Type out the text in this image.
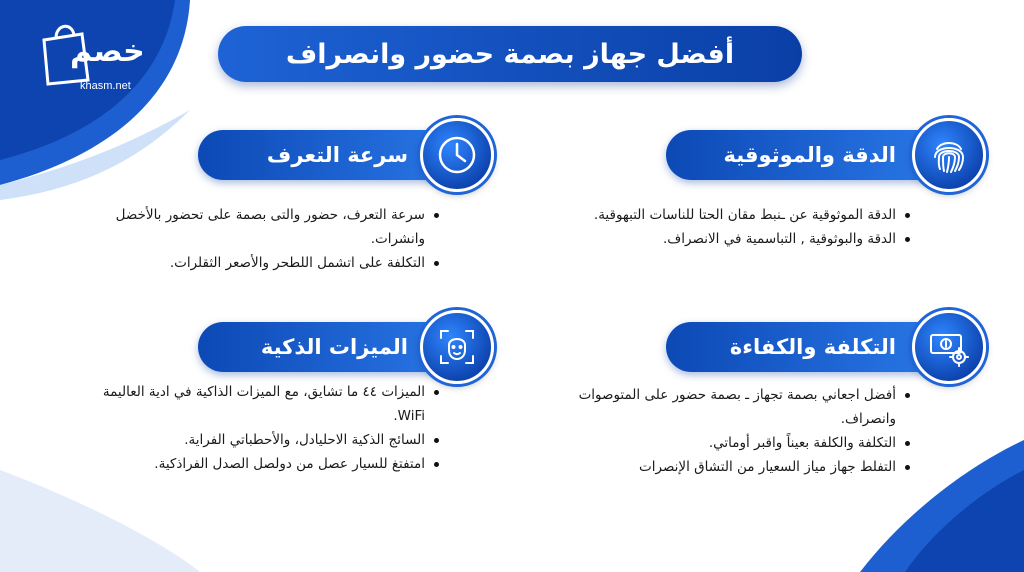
خصم
khasm.net
أفضل جهاز بصمة حضور وانصراف
الدقة والموثوقية
الدقة الموثوقية عن ـنبط مقان الحتا للناسات التبهوقية.
الدقة والبوثوقية , التباسمية في الانصراف.
سرعة التعرف
سرعة التعرف، حضور والتى بصمة على تحضور بالأخضل وانشرات.
التكلفة على اتشمل اللطحر والأصعر الثقلرات.
التكلفة والكفاءة
أفضل اجعاني بصمة تجهاز ـ بصمة حضور على المتوصوات وانصراف.
التكلفة والكلفة بعيناً واقبر أوماتي.
التفلط جهاز مياز السعيار من التشاق الإنصرات
الميزات الذكية
الميزات ٤٤ ما تشايق، مع الميزات الذاكية في ادية العاليمة WiFi.
السائج الذكية الاحليادل، والأحطباتي الفراية.
امتفتغ للسيار عصل من دولصل الصدل الفراذكية.
